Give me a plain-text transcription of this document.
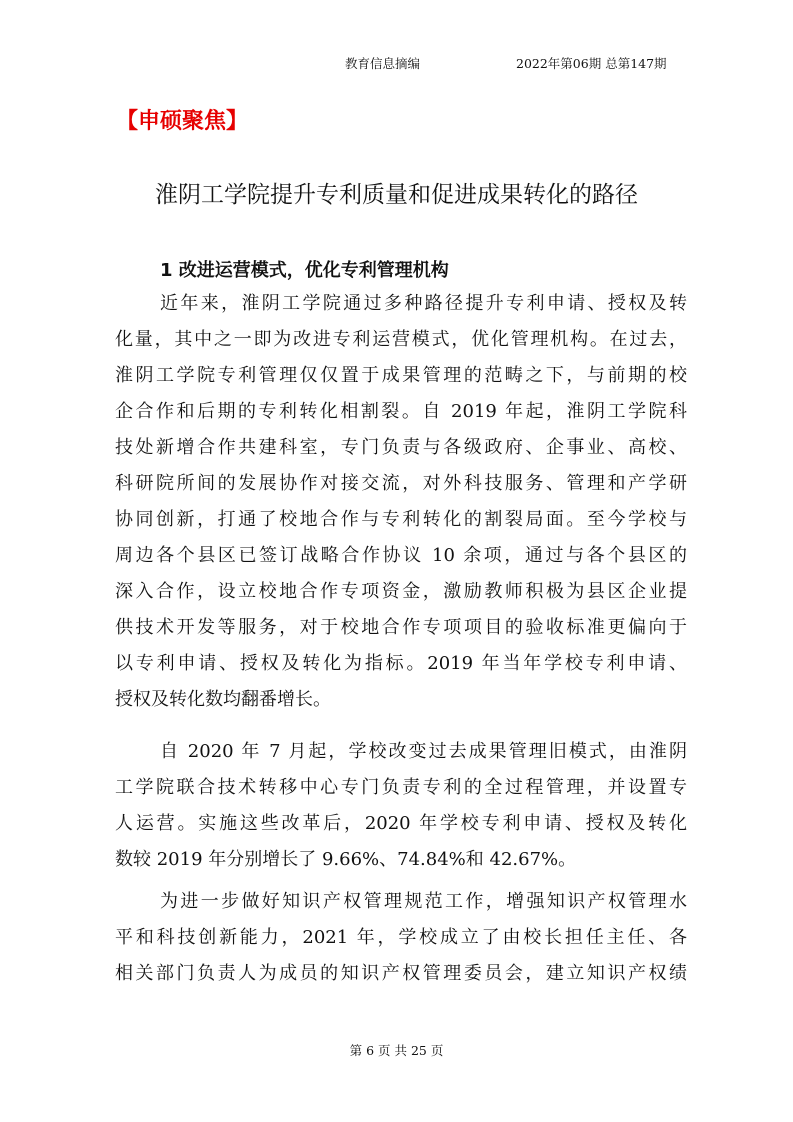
教育信息摘编	2022年第06期 总第147期
【申硕聚焦】
淮阴工学院提升专利质量和促进成果转化的路径
1 改进运营模式，优化专利管理机构
近年来，淮阴工学院通过多种路径提升专利申请、授权及转
化量，其中之一即为改进专利运营模式，优化管理机构。在过去，
淮阴工学院专利管理仅仅置于成果管理的范畴之下，与前期的校
企合作和后期的专利转化相割裂。自 2019 年起，淮阴工学院科
技处新增合作共建科室，专门负责与各级政府、企事业、高校、
科研院所间的发展协作对接交流，对外科技服务、管理和产学研
协同创新，打通了校地合作与专利转化的割裂局面。至今学校与
周边各个县区已签订战略合作协议 10 余项，通过与各个县区的
深入合作，设立校地合作专项资金，激励教师积极为县区企业提
供技术开发等服务，对于校地合作专项项目的验收标准更偏向于
以专利申请、授权及转化为指标。2019 年当年学校专利申请、
授权及转化数均翻番增长。
自 2020 年 7 月起，学校改变过去成果管理旧模式，由淮阴
工学院联合技术转移中心专门负责专利的全过程管理，并设置专
人运营。实施这些改革后，2020 年学校专利申请、授权及转化
数较 2019 年分别增长了 9.66%、74.84%和 42.67%。
为进一步做好知识产权管理规范工作，增强知识产权管理水
平和科技创新能力，2021 年，学校成立了由校长担任主任、各
相关部门负责人为成员的知识产权管理委员会，建立知识产权绩
第 6 页 共 25 页
